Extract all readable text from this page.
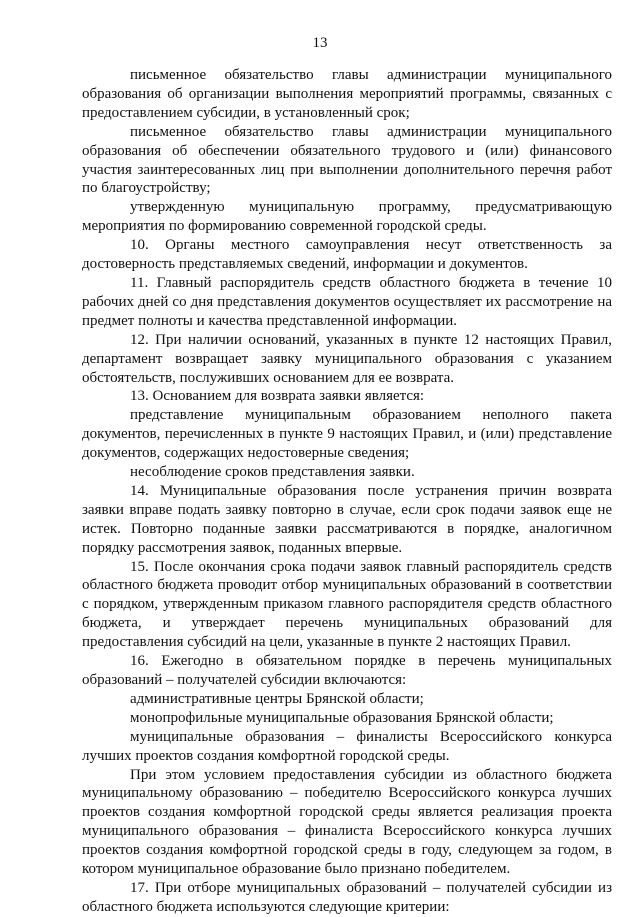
13

письменное обязательство главы администрации муниципального образования об организации выполнения мероприятий программы, связанных с предоставлением субсидии, в установленный срок;

письменное обязательство главы администрации муниципального образования об обеспечении обязательного трудового и (или) финансового участия заинтересованных лиц при выполнении дополнительного перечня работ по благоустройству;

утвержденную муниципальную программу, предусматривающую мероприятия по формированию современной городской среды.

10. Органы местного самоуправления несут ответственность за достоверность представляемых сведений, информации и документов.

11. Главный распорядитель средств областного бюджета в течение 10 рабочих дней со дня представления документов осуществляет их рассмотрение на предмет полноты и качества представленной информации.

12. При наличии оснований, указанных в пункте 12 настоящих Правил, департамент возвращает заявку муниципального образования с указанием обстоятельств, послуживших основанием для ее возврата.

13. Основанием для возврата заявки является:

представление муниципальным образованием неполного пакета документов, перечисленных в пункте 9 настоящих Правил, и (или) представление документов, содержащих недостоверные сведения;

несоблюдение сроков представления заявки.

14. Муниципальные образования после устранения причин возврата заявки вправе подать заявку повторно в случае, если срок подачи заявок еще не истек. Повторно поданные заявки рассматриваются в порядке, аналогичном порядку рассмотрения заявок, поданных впервые.

15. После окончания срока подачи заявок главный распорядитель средств областного бюджета проводит отбор муниципальных образований в соответствии с порядком, утвержденным приказом главного распорядителя средств областного бюджета, и утверждает перечень муниципальных образований для предоставления субсидий на цели, указанные в пункте 2 настоящих Правил.

16. Ежегодно в обязательном порядке в перечень муниципальных образований – получателей субсидии включаются:

административные центры Брянской области;

монопрофильные муниципальные образования Брянской области;

муниципальные образования – финалисты Всероссийского конкурса лучших проектов создания комфортной городской среды.

При этом условием предоставления субсидии из областного бюджета муниципальному образованию – победителю Всероссийского конкурса лучших проектов создания комфортной городской среды является реализация проекта муниципального образования – финалиста Всероссийского конкурса лучших проектов создания комфортной городской среды в году, следующем за годом, в котором муниципальное образование было признано победителем.

17. При отборе муниципальных образований – получателей субсидии из областного бюджета используются следующие критерии:
